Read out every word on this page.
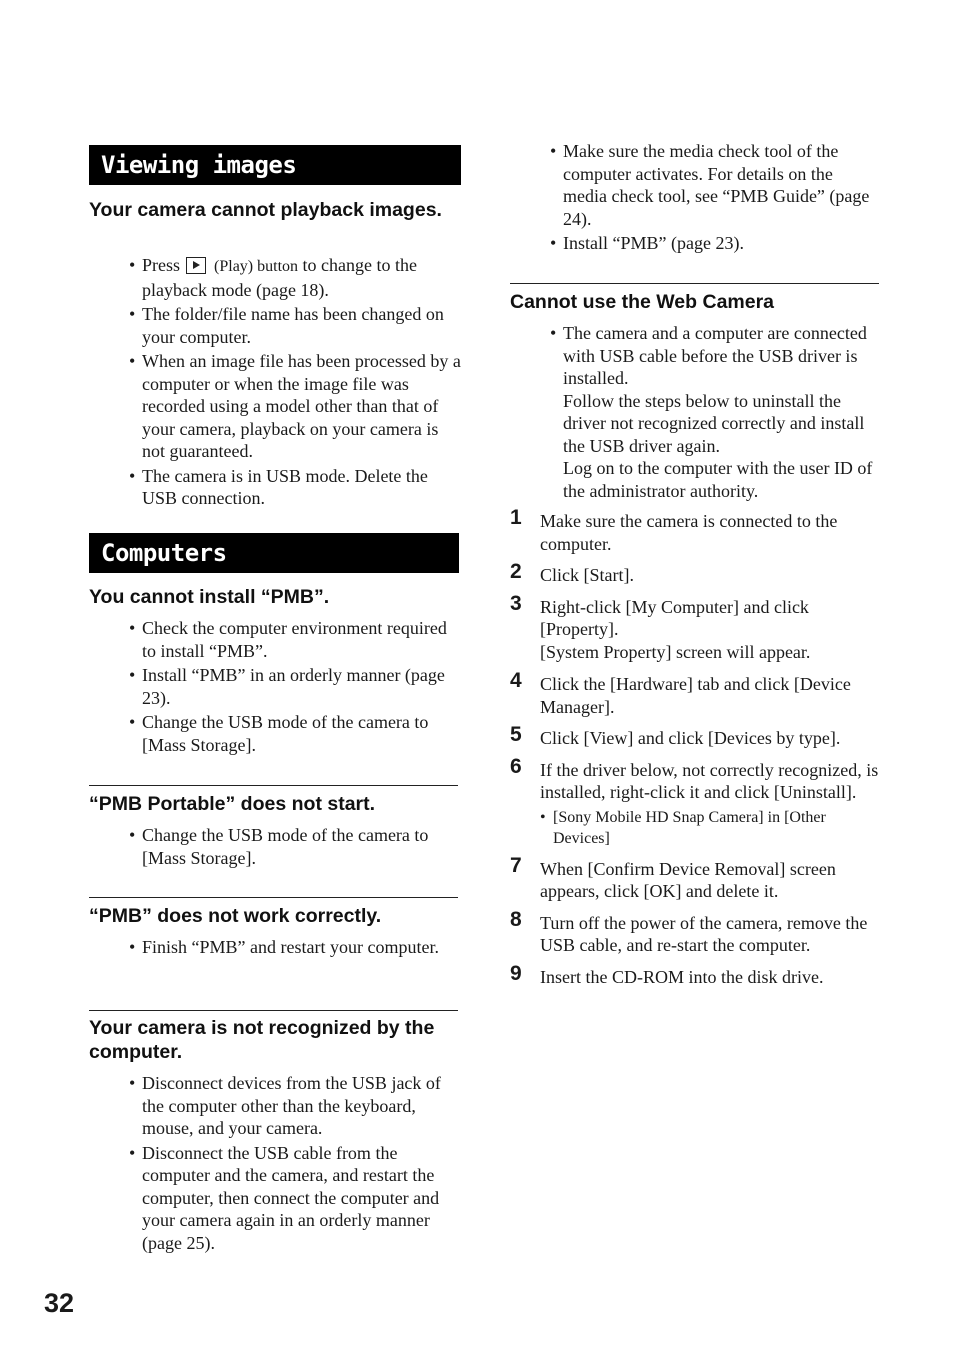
Viewing images
Your camera cannot playback images.
• Press (Play) button to change to the playback mode (page 18).
• The folder/file name has been changed on your computer.
• When an image file has been processed by a computer or when the image file was recorded using a model other than that of your camera, playback on your camera is not guaranteed.
• The camera is in USB mode. Delete the USB connection.
Computers
You cannot install “PMB”.
• Check the computer environment required to install “PMB”.
• Install “PMB” in an orderly manner (page 23).
• Change the USB mode of the camera to [Mass Storage].
“PMB Portable” does not start.
• Change the USB mode of the camera to [Mass Storage].
“PMB” does not work correctly.
• Finish “PMB” and restart your computer.
Your camera is not recognized by the computer.
• Disconnect devices from the USB jack of the computer other than the keyboard, mouse, and your camera.
• Disconnect the USB cable from the computer and the camera, and restart the computer, then connect the computer and your camera again in an orderly manner (page 25).
32
• Make sure the media check tool of the computer activates. For details on the media check tool, see “PMB Guide” (page 24).
• Install “PMB” (page 23).
Cannot use the Web Camera

• The camera and a computer are connected with USB cable before the USB driver is installed.

Follow the steps below to uninstall the driver not recognized correctly and install the USB driver again.

Log on to the computer with the user ID of the administrator authority.

1 Make sure the camera is connected to the computer.
2 Click [Start].
3 Right-click [My Computer] and click [Property].

[System Property] screen will appear.

4 Click the [Hardware] tab and click [Device Manager].
5 Click [View] and click [Devices by type].
6 If the driver below, not correctly recognized, is installed, right-click it and click [Uninstall].

• [Sony Mobile HD Snap Camera] in [Other Devices]
7 When [Confirm Device Removal] screen appears, click [OK] and delete it.
8 Turn off the power of the camera, remove the USB cable, and re-start the computer.
9 Insert the CD-ROM into the disk drive.
